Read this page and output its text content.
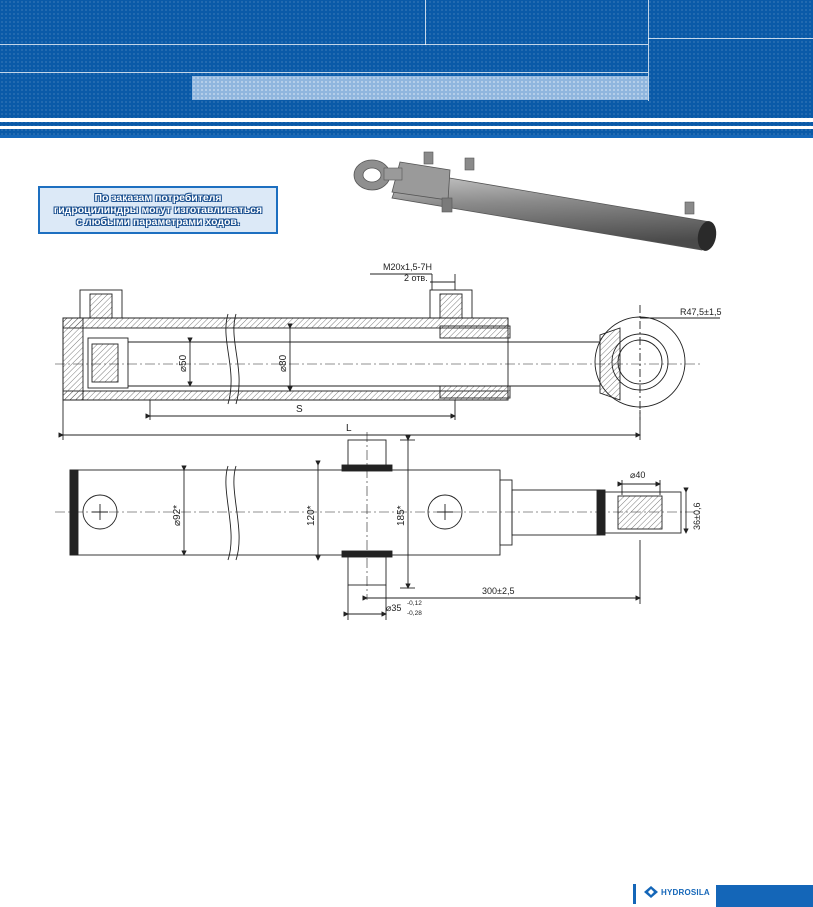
По заказам потребителя
гидроцилиндры могут изготавливаться
с любыми параметрами ходов.
M20x1,5-7H
2 отв.
R47,5±1,5
⌀50	⌀80
S
L
⌀92*	120*	185*
⌀40
36±0,6
300±2,5
⌀35 -0,12
-0,28
HYDROSILA
